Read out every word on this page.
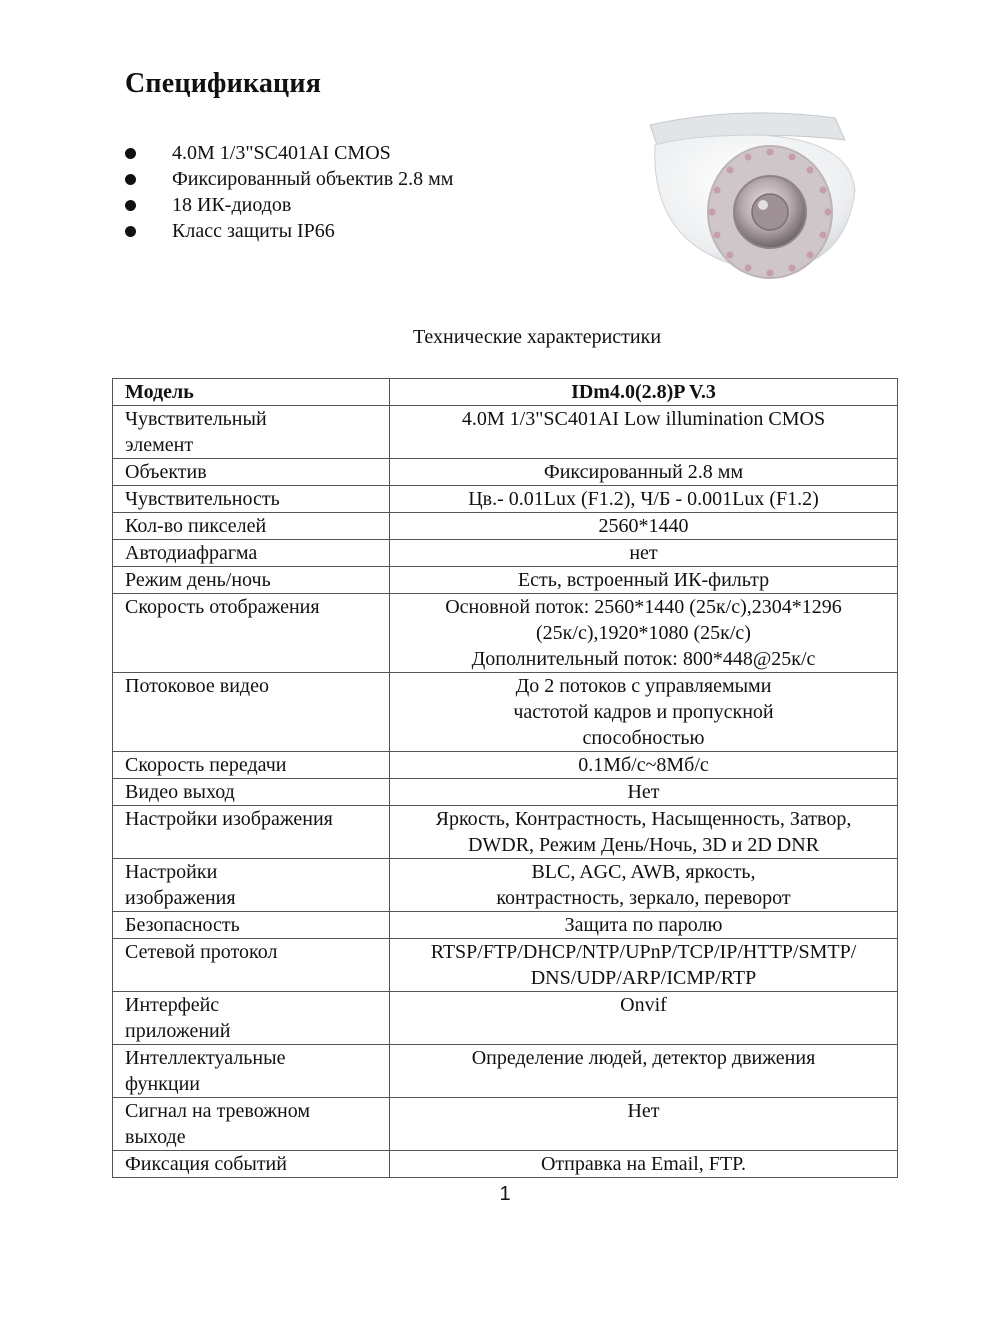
Спецификация
4.0M 1/3"SC401AI CMOS
Фиксированный объектив 2.8 мм
18 ИК-диодов
Класс защиты IP66
Технические характеристики
Модель	IDm4.0(2.8)P V.3

Чувствительный
элемент	4.0M 1/3"SC401AI Low illumination CMOS

Объектив	Фиксированный 2.8 мм

Чувствительность	Цв.- 0.01Lux (F1.2), Ч/Б - 0.001Lux (F1.2)

Кол-во пикселей	2560*1440

Автодиафрагма	нет

Режим день/ночь	Есть, встроенный ИК-фильтр

Скорость отображения	Основной поток: 2560*1440 (25к/с),2304*1296
(25к/с),1920*1080 (25к/с)
Дополнительный поток: 800*448@25к/с

Потоковое видео	До 2 потоков с управляемыми
частотой кадров и пропускной
способностью

Скорость передачи	0.1Мб/с~8Мб/с

Видео выход	Нет

Настройки изображения	Яркость, Контрастность, Насыщенность, Затвор,
DWDR, Режим День/Ночь, 3D и 2D DNR

Настройки
изображения	BLC, AGC, AWB, яркость,
контрастность, зеркало, переворот

Безопасность	Защита по паролю

Сетевой протокол	RTSP/FTP/DHCP/NTP/UPnP/TCP/IP/HTTP/SMTP/
DNS/UDP/ARP/ICMP/RTP

Интерфейс
приложений	Onvif

Интеллектуальные
функции	Определение людей, детектор движения

Сигнал на тревожном
выходе	Нет

Фиксация событий	Отправка на Email, FTP.
1
